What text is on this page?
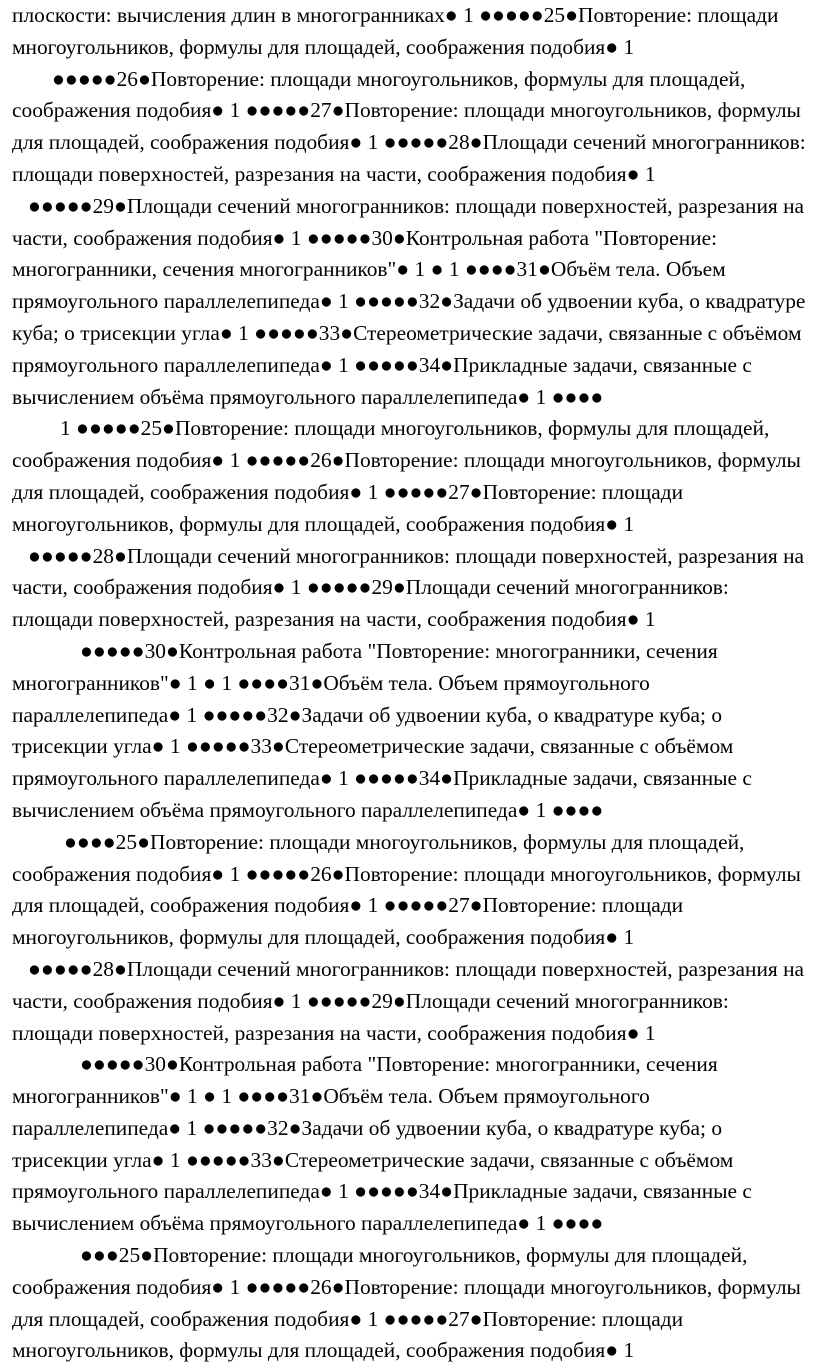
плоскости: вычисления длин в многогранниках● 1 ●●●●●25●Повторение: площади
многоугольников, формулы для площадей, соображения подобия● 1
●●●●●26●Повторение: площади многоугольников, формулы для площадей,
соображения подобия● 1 ●●●●●27●Повторение: площади многоугольников, формулы
для площадей, соображения подобия● 1 ●●●●●28●Площади сечений многогранников:
площади поверхностей, разрезания на части, соображения подобия● 1
●●●●●29●Площади сечений многогранников: площади поверхностей, разрезания на
части, соображения подобия● 1 ●●●●●30●Контрольная работа "Повторение:
многогранники, сечения многогранников"● 1 ● 1 ●●●●31●Объём тела. Объем
прямоугольного параллелепипеда● 1 ●●●●●32●Задачи об удвоении куба, о квадратуре
куба; о трисекции угла● 1 ●●●●●33●Стереометрические задачи, связанные с объёмом
прямоугольного параллелепипеда● 1 ●●●●●34●Прикладные задачи, связанные с
вычислением объёма прямоугольного параллелепипеда● 1 ●●●●
1 ●●●●●25●Повторение: площади многоугольников, формулы для площадей,
соображения подобия● 1 ●●●●●26●Повторение: площади многоугольников, формулы
для площадей, соображения подобия● 1 ●●●●●27●Повторение: площади
многоугольников, формулы для площадей, соображения подобия● 1
●●●●●28●Площади сечений многогранников: площади поверхностей, разрезания на
части, соображения подобия● 1 ●●●●●29●Площади сечений многогранников:
площади поверхностей, разрезания на части, соображения подобия● 1
●●●●●30●Контрольная работа "Повторение: многогранники, сечения
многогранников"● 1 ● 1 ●●●●31●Объём тела. Объем прямоугольного
параллелепипеда● 1 ●●●●●32●Задачи об удвоении куба, о квадратуре куба; о
трисекции угла● 1 ●●●●●33●Стереометрические задачи, связанные с объёмом
прямоугольного параллелепипеда● 1 ●●●●●34●Прикладные задачи, связанные с
вычислением объёма прямоугольного параллелепипеда● 1 ●●●●
●●●●25●Повторение: площади многоугольников, формулы для площадей,
соображения подобия● 1 ●●●●●26●Повторение: площади многоугольников, формулы
для площадей, соображения подобия● 1 ●●●●●27●Повторение: площади
многоугольников, формулы для площадей, соображения подобия● 1
●●●●●28●Площади сечений многогранников: площади поверхностей, разрезания на
части, соображения подобия● 1 ●●●●●29●Площади сечений многогранников:
площади поверхностей, разрезания на части, соображения подобия● 1
●●●●●30●Контрольная работа "Повторение: многогранники, сечения
многогранников"● 1 ● 1 ●●●●31●Объём тела. Объем прямоугольного
параллелепипеда● 1 ●●●●●32●Задачи об удвоении куба, о квадратуре куба; о
трисекции угла● 1 ●●●●●33●Стереометрические задачи, связанные с объёмом
прямоугольного параллелепипеда● 1 ●●●●●34●Прикладные задачи, связанные с
вычислением объёма прямоугольного параллелепипеда● 1 ●●●●
●●●25●Повторение: площади многоугольников, формулы для площадей,
соображения подобия● 1 ●●●●●26●Повторение: площади многоугольников, формулы
для площадей, соображения подобия● 1 ●●●●●27●Повторение: площади
многоугольников, формулы для площадей, соображения подобия● 1
